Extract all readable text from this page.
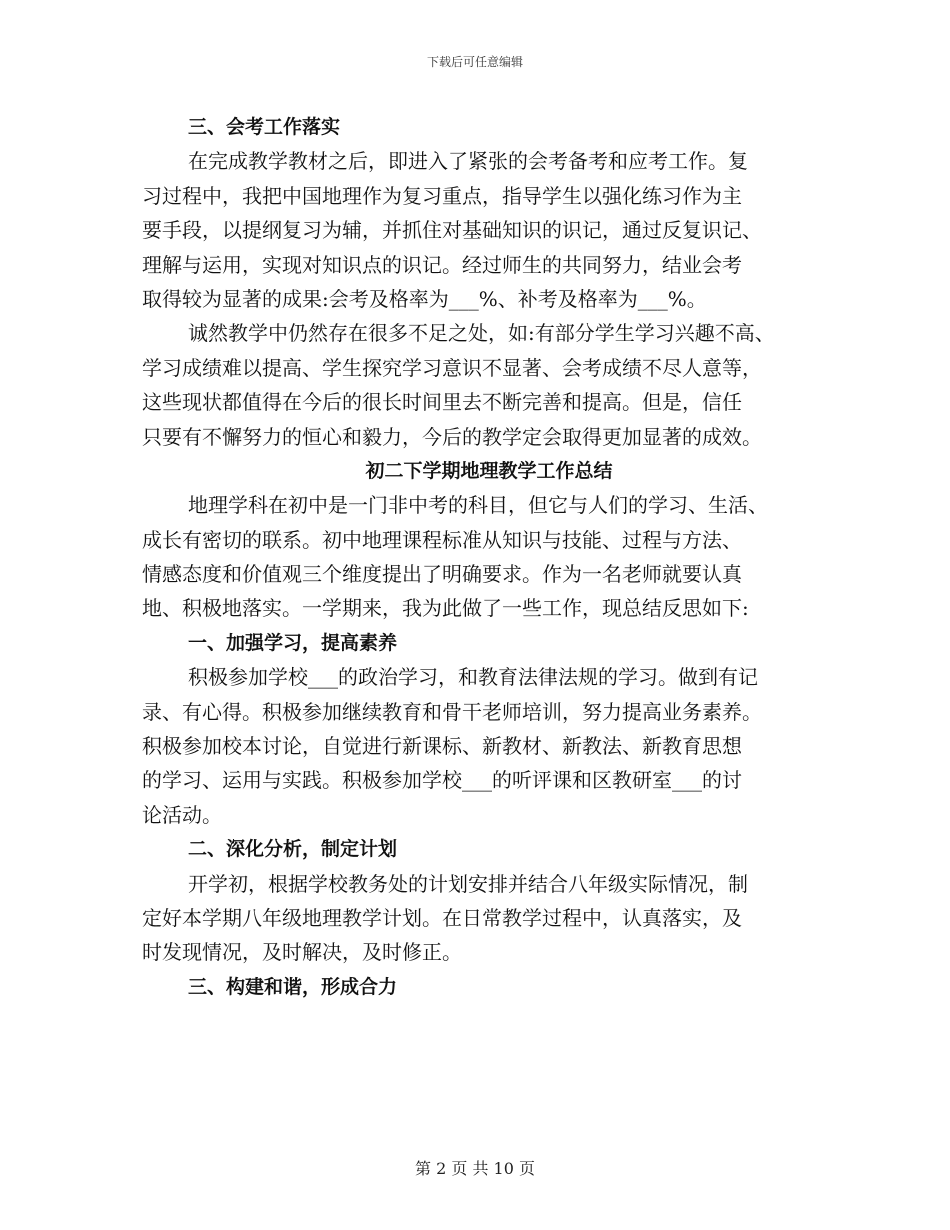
下载后可任意编辑
三、会考工作落实
在完成教学教材之后，即进入了紧张的会考备考和应考工作。复
习过程中，我把中国地理作为复习重点，指导学生以强化练习作为主
要手段，以提纲复习为辅，并抓住对基础知识的识记，通过反复识记、
理解与运用，实现对知识点的识记。经过师生的共同努力，结业会考
取得较为显著的成果:会考及格率为___%、补考及格率为___%。
诚然教学中仍然存在很多不足之处，如:有部分学生学习兴趣不高、
学习成绩难以提高、学生探究学习意识不显著、会考成绩不尽人意等，
这些现状都值得在今后的很长时间里去不断完善和提高。但是，信任
只要有不懈努力的恒心和毅力，今后的教学定会取得更加显著的成效。
初二下学期地理教学工作总结
地理学科在初中是一门非中考的科目，但它与人们的学习、生活、
成长有密切的联系。初中地理课程标准从知识与技能、过程与方法、
情感态度和价值观三个维度提出了明确要求。作为一名老师就要认真
地、积极地落实。一学期来，我为此做了一些工作，现总结反思如下:
一、加强学习，提高素养
积极参加学校___的政治学习，和教育法律法规的学习。做到有记
录、有心得。积极参加继续教育和骨干老师培训，努力提高业务素养。
积极参加校本讨论，自觉进行新课标、新教材、新教法、新教育思想
的学习、运用与实践。积极参加学校___的听评课和区教研室___的讨
论活动。
二、深化分析，制定计划
开学初，根据学校教务处的计划安排并结合八年级实际情况，制
定好本学期八年级地理教学计划。在日常教学过程中，认真落实，及
时发现情况，及时解决，及时修正。
三、构建和谐，形成合力
第 2 页 共 10 页
